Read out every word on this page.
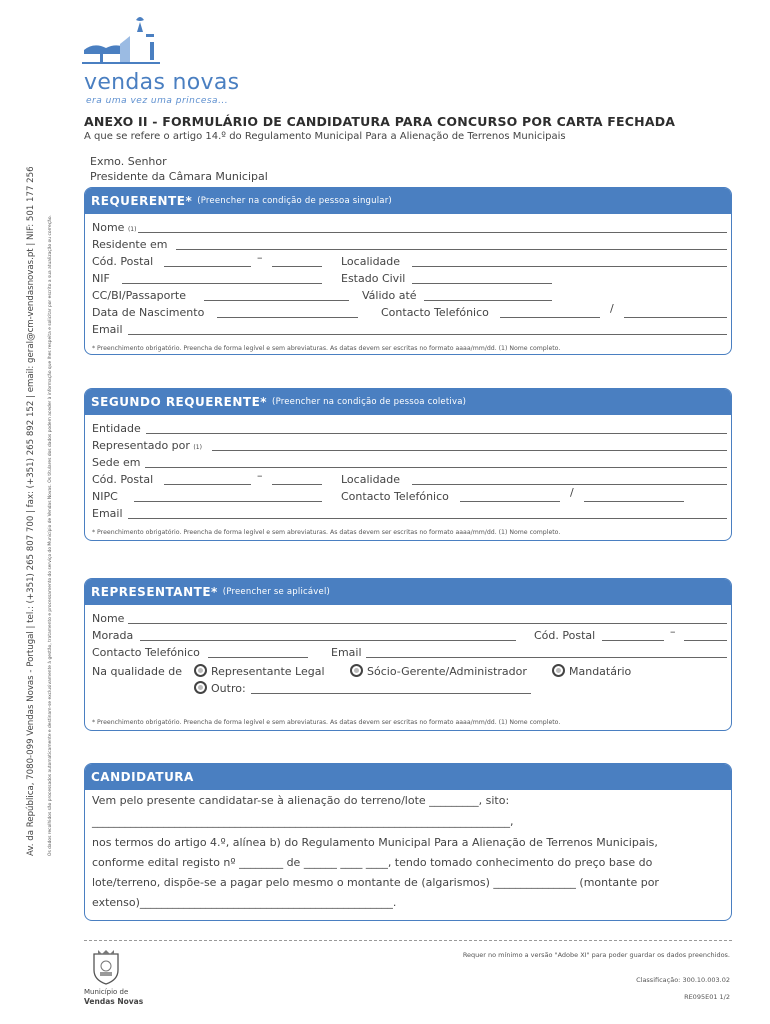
vendas novas
era uma vez uma princesa...
ANEXO II - FORMULÁRIO DE CANDIDATURA PARA CONCURSO POR CARTA FECHADA
A que se refere o artigo 14.º do Regulamento Municipal Para a Alienação de Terrenos Municipais
Exmo. Senhor
Presidente da Câmara Municipal
Av. da República, 7080-099 Vendas Novas - Portugal | tel.: (+351) 265 807 700 | fax: (+351) 265 892 152 | email: geral@cm-vendasnovas.pt | NIF: 501 177 256	Os dados recolhidos são processados automaticamente e destinam-se exclusivamente à gestão, tratamento e processamento do serviço do Município de Vendas Novas. Os titulares dos dados podem aceder à informação que lhes respeita e solicitar por escrito a sua atualização ou correção.
REQUERENTE* (Preencher na condição de pessoa singular)
Nome (1)
Residente em
Cód. Postal	–	Localidade
NIF	Estado Civil
CC/BI/Passaporte	Válido até
Data de Nascimento	Contacto Telefónico	/
Email
* Preenchimento obrigatório. Preencha de forma legível e sem abreviaturas. As datas devem ser escritas no formato aaaa/mm/dd. (1) Nome completo.
SEGUNDO REQUERENTE* (Preencher na condição de pessoa coletiva)
Entidade
Representado por (1)
Sede em
Cód. Postal	–	Localidade
NIPC	Contacto Telefónico	/
Email
* Preenchimento obrigatório. Preencha de forma legível e sem abreviaturas. As datas devem ser escritas no formato aaaa/mm/dd. (1) Nome completo.
REPRESENTANTE* (Preencher se aplicável)
Nome
Morada	Cód. Postal	–
Contacto Telefónico	Email
Na qualidade de	Representante Legal	Sócio-Gerente/Administrador	Mandatário
Outro:
* Preenchimento obrigatório. Preencha de forma legível e sem abreviaturas. As datas devem ser escritas no formato aaaa/mm/dd. (1) Nome completo.
CANDIDATURA
Vem pelo presente candidatar-se à alienação do terreno/lote _________, sito:
____________________________________________________________________________,
nos termos do artigo 4.º, alínea b) do Regulamento Municipal Para a Alienação de Terrenos Municipais,
conforme edital registo nº ________ de ______ ____ ____, tendo tomado conhecimento do preço base do
lote/terreno, dispõe-se a pagar pelo mesmo o montante de (algarismos) _______________ (montante por
extenso)______________________________________________.
Requer no mínimo a versão "Adobe XI" para poder guardar os dados preenchidos.
Classificação: 300.10.003.02
RE095E01 1/2
Município de
Vendas Novas
